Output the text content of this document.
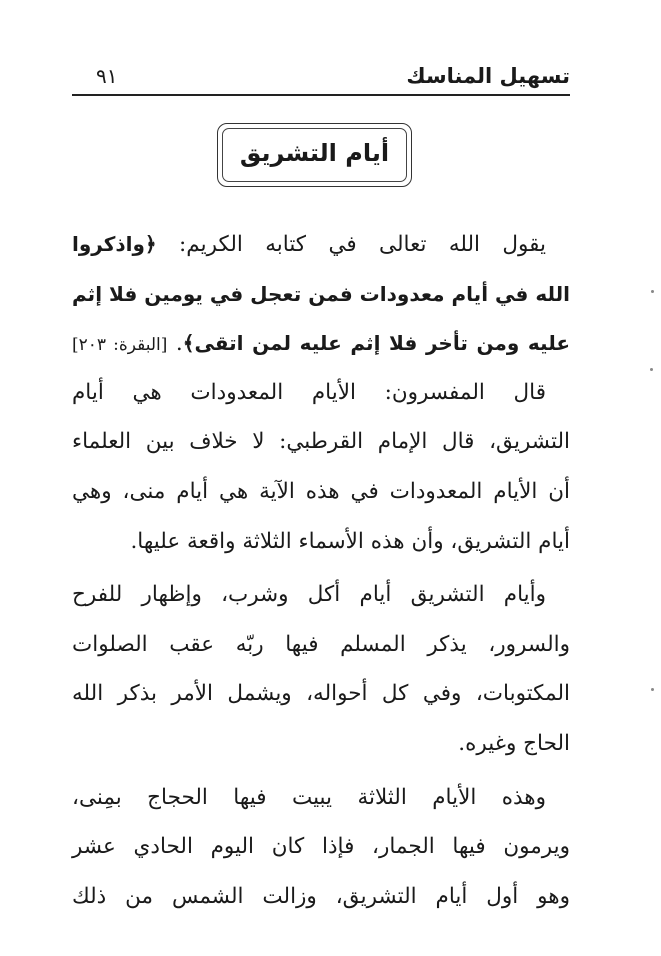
تسهيل المناسك
٩١
أيام التشريق
يقول الله تعالى في كتابه الكريم: ﴿واذكروا
الله في أيام معدودات فمن تعجل في يومين فلا إثم
عليه ومن تأخر فلا إثم عليه لمن اتقى﴾. [البقرة: ٢٠٣]
قال المفسرون: الأيام المعدودات هي أيام
التشريق، قال الإمام القرطبي: لا خلاف بين العلماء
أن الأيام المعدودات في هذه الآية هي أيام منى، وهي
أيام التشريق، وأن هذه الأسماء الثلاثة واقعة عليها.
وأيام التشريق أيام أكل وشرب، وإظهار للفرح
والسرور، يذكر المسلم فيها ربّه عقب الصلوات
المكتوبات، وفي كل أحواله، ويشمل الأمر بذكر الله
الحاج وغيره.
وهذه الأيام الثلاثة يبيت فيها الحجاج بمِنى،
ويرمون فيها الجمار، فإذا كان اليوم الحادي عشر
وهو أول أيام التشريق، وزالت الشمس من ذلك
